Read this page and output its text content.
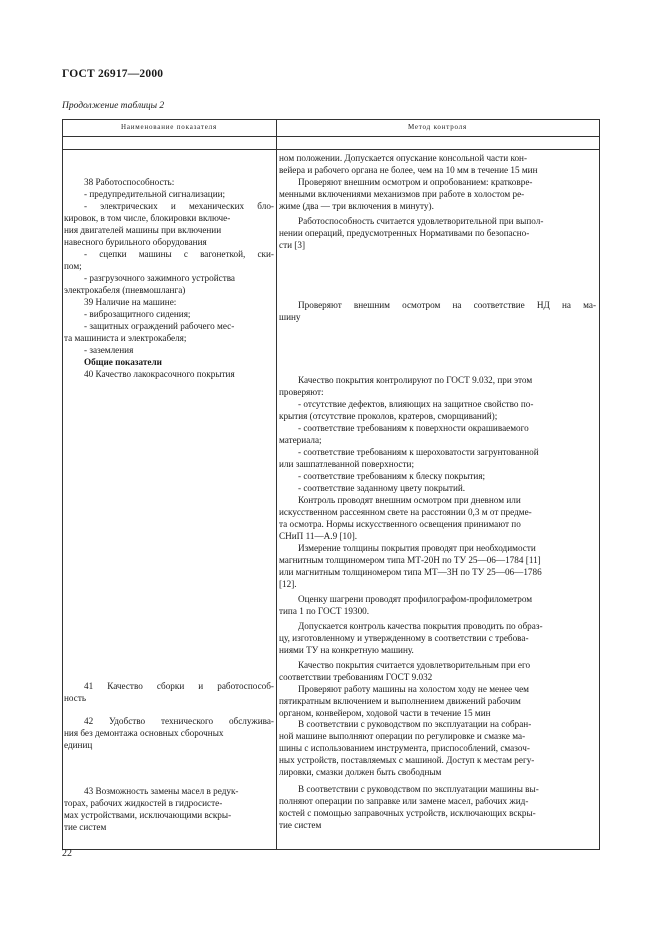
ГОСТ 26917—2000
Продолжение таблицы 2
Наименование показателя	Метод контроля
38 Работоспособность:
- предупредительной сигнализации;
- электрических и механических бло-
кировок, в том числе, блокировки включе-
ния двигателей машины при включении
навесного бурильного оборудования
- сцепки машины с вагонеткой, ски-
пом;
- разгрузочного зажимного устройства
электрокабеля (пневмошланга)
39 Наличие на машине:
- виброзащитного сидения;
- защитных ограждений рабочего мес-
та машиниста и электрокабеля;
- заземления
Общие показатели
40 Качество лакокрасочного покрытия
41 Качество сборки и работоспособ-
ность
42 Удобство технического обслужива-
ния без демонтажа основных сборочных
единиц
43 Возможность замены масел в редук-
торах, рабочих жидкостей в гидросисте-
мах устройствами, исключающими вскры-
тие систем
ном положении. Допускается опускание консольной части кон-
вейера и рабочего органа не более, чем на 10 мм в течение 15 мин
Проверяют внешним осмотром и опробованием: кратковре-
менными включениями механизмов при работе в холостом ре-
жиме (два — три включения в минуту).
Работоспособность считается удовлетворительной при выпол-
нении операций, предусмотренных Нормативами по безопасно-
сти [3]
Проверяют внешним осмотром на соответствие НД на ма-
шину
Качество покрытия контролируют по ГОСТ 9.032, при этом
проверяют:
- отсутствие дефектов, влияющих на защитное свойство по-
крытия (отсутствие проколов, кратеров, сморщиваний);
- соответствие требованиям к поверхности окрашиваемого
материала;
- соответствие требованиям к шероховатости загрунтованной
или зашпатлеванной поверхности;
- соответствие требованиям к блеску покрытия;
- соответствие заданному цвету покрытий.
Контроль проводят внешним осмотром при дневном или
искусственном рассеянном свете на расстоянии 0,3 м от предме-
та осмотра. Нормы искусственного освещения принимают по
СНиП 11—А.9 [10].
Измерение толщины покрытия проводят при необходимости
магнитным толщиномером типа МТ-20Н по ТУ 25—06—1784 [11]
или магнитным толщиномером типа МТ—3Н по ТУ 25—06—1786
[12].
Оценку шагрени проводят профилографом-профилометром
типа 1 по ГОСТ 19300.
Допускается контроль качества покрытия проводить по образ-
цу, изготовленному и утвержденному в соответствии с требова-
ниями ТУ на конкретную машину.
Качество покрытия считается удовлетворительным при его
соответствии требованиям ГОСТ 9.032
Проверяют работу машины на холостом ходу не менее чем
пятикратным включением и выполнением движений рабочим
органом, конвейером, ходовой части в течение 15 мин
В соответствии с руководством по эксплуатации на собран-
ной машине выполняют операции по регулировке и смазке ма-
шины с использованием инструмента, приспособлений, смазоч-
ных устройств, поставляемых с машиной. Доступ к местам регу-
лировки, смазки должен быть свободным
В соответствии с руководством по эксплуатации машины вы-
полняют операции по заправке или замене масел, рабочих жид-
костей с помощью заправочных устройств, исключающих вскры-
тие систем
22
